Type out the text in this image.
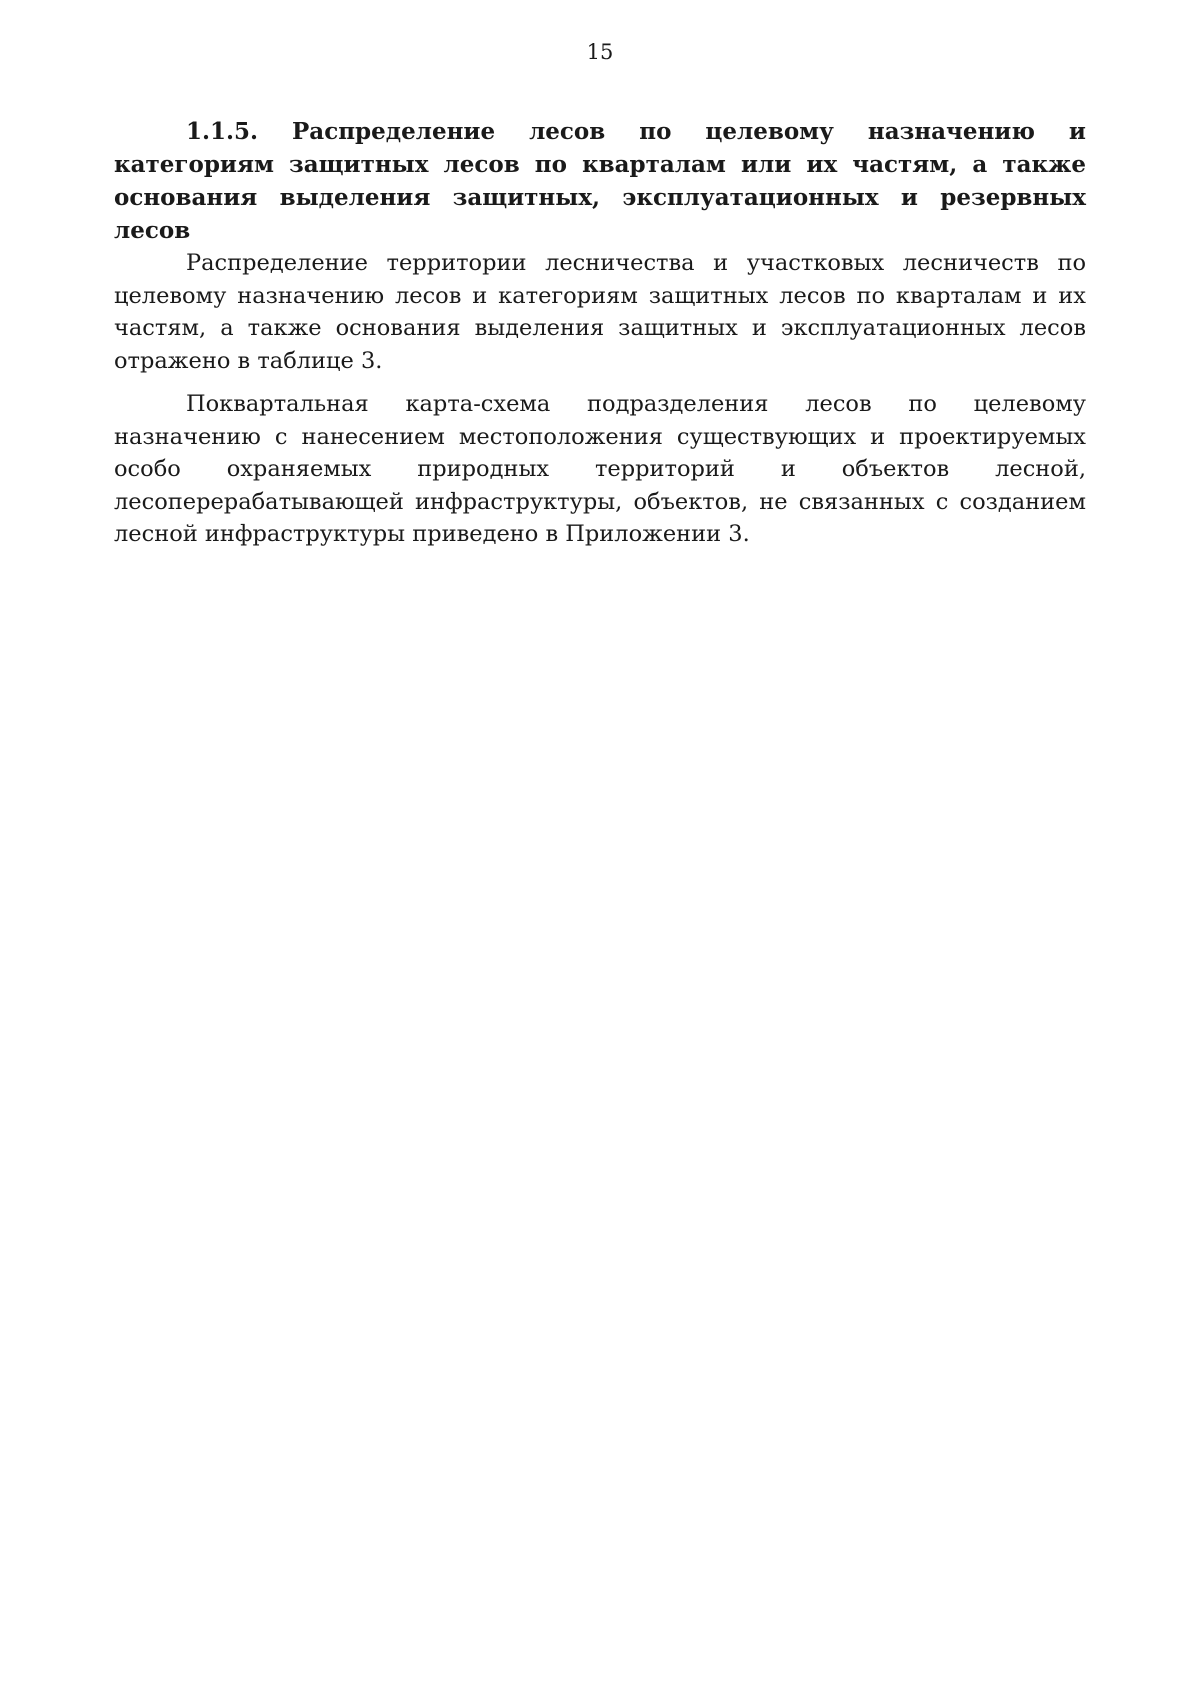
15
1.1.5. Распределение лесов по целевому назначению и категориям защитных лесов по кварталам или их частям, а также основания выделения защитных, эксплуатационных и резервных лесов

Распределение территории лесничества и участковых лесничеств по целевому назначению лесов и категориям защитных лесов по кварталам и их частям, а также основания выделения защитных и эксплуатационных лесов отражено в таблице 3.

Поквартальная карта-схема подразделения лесов по целевому назначению с нанесением местоположения существующих и проектируемых особо охраняемых природных территорий и объектов лесной, лесоперерабатывающей инфраструктуры, объектов, не связанных с созданием лесной инфраструктуры приведено в Приложении 3.
